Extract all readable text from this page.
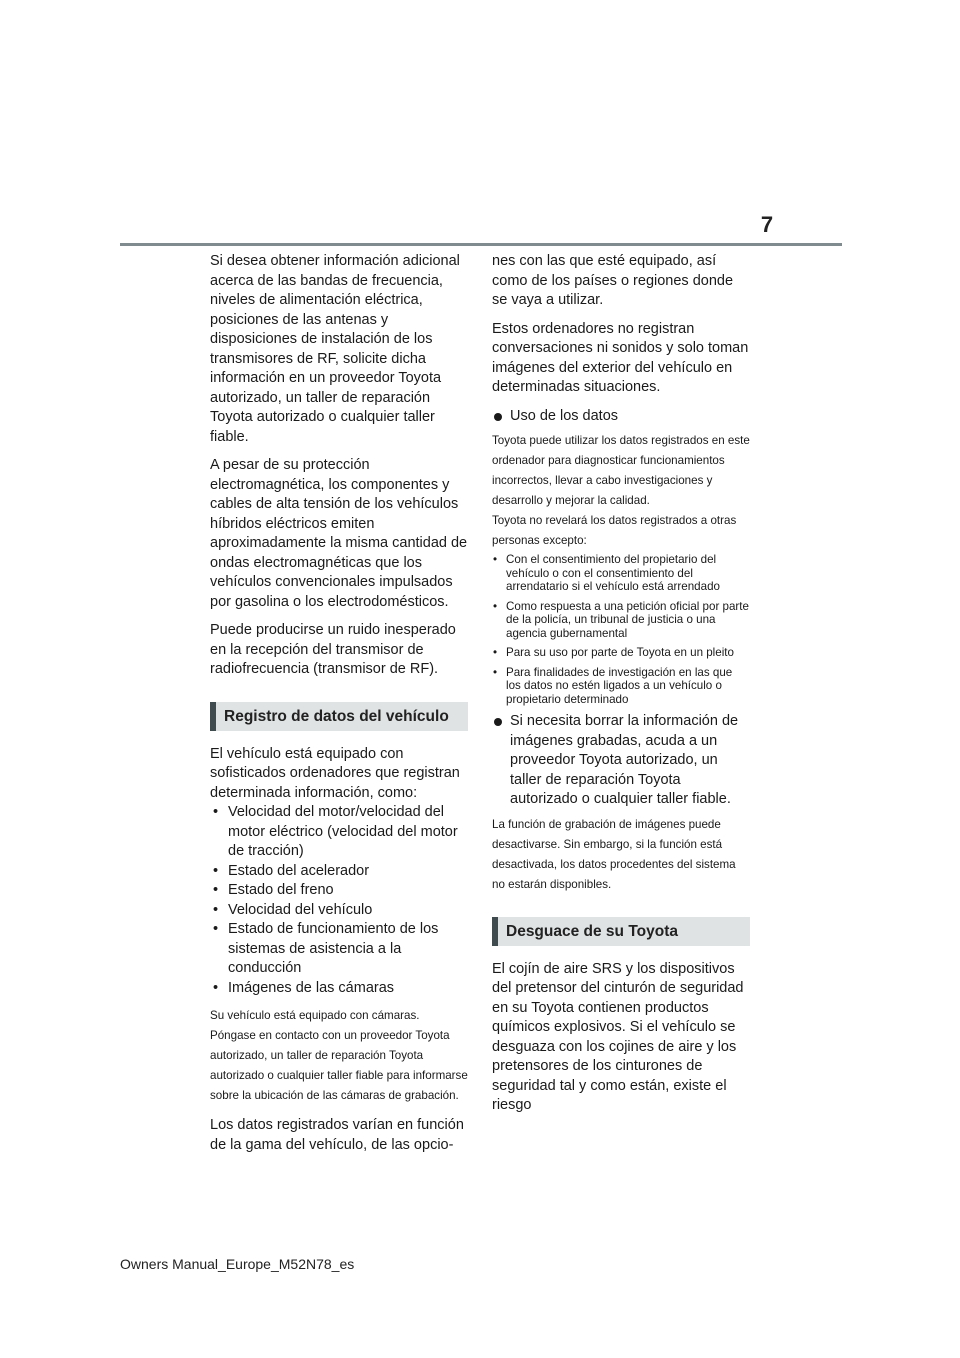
7

Si desea obtener información adicional acerca de las bandas de frecuencia, niveles de alimentación eléctrica, posiciones de las antenas y disposiciones de instalación de los transmisores de RF, solicite dicha información en un proveedor Toyota autorizado, un taller de reparación Toyota autorizado o cualquier taller fiable.

A pesar de su protección electromagnética, los componentes y cables de alta tensión de los vehículos híbridos eléctricos emiten aproximadamente la misma cantidad de ondas electromagnéticas que los vehículos convencionales impulsados por gasolina o los electrodomésticos.

Puede producirse un ruido inesperado en la recepción del transmisor de radiofrecuencia (transmisor de RF).

Registro de datos del vehículo

El vehículo está equipado con sofisticados ordenadores que registran determinada información, como:

• Velocidad del motor/velocidad del motor eléctrico (velocidad del motor de tracción)
• Estado del acelerador
• Estado del freno
• Velocidad del vehículo
• Estado de funcionamiento de los sistemas de asistencia a la conducción
• Imágenes de las cámaras

Su vehículo está equipado con cámaras. Póngase en contacto con un proveedor Toyota autorizado, un taller de reparación Toyota autorizado o cualquier taller fiable para informarse sobre la ubicación de las cámaras de grabación.

Los datos registrados varían en función de la gama del vehículo, de las opcio-

nes con las que esté equipado, así como de los países o regiones donde se vaya a utilizar.

Estos ordenadores no registran conversaciones ni sonidos y solo toman imágenes del exterior del vehículo en determinadas situaciones.

Uso de los datos

Toyota puede utilizar los datos registrados en este ordenador para diagnosticar funcionamientos incorrectos, llevar a cabo investigaciones y desarrollo y mejorar la calidad.

Toyota no revelará los datos registrados a otras personas excepto:

• Con el consentimiento del propietario del vehículo o con el consentimiento del arrendatario si el vehículo está arrendado
• Como respuesta a una petición oficial por parte de la policía, un tribunal de justicia o una agencia gubernamental
• Para su uso por parte de Toyota en un pleito
• Para finalidades de investigación en las que los datos no estén ligados a un vehículo o propietario determinado
Si necesita borrar la información de imágenes grabadas, acuda a un proveedor Toyota autorizado, un taller de reparación Toyota autorizado o cualquier taller fiable.

La función de grabación de imágenes puede desactivarse. Sin embargo, si la función está desactivada, los datos procedentes del sistema no estarán disponibles.

Desguace de su Toyota

El cojín de aire SRS y los dispositivos del pretensor del cinturón de seguridad en su Toyota contienen productos químicos explosivos. Si el vehículo se desguaza con los cojines de aire y los pretensores de los cinturones de seguridad tal y como están, existe el riesgo

Owners Manual_Europe_M52N78_es
